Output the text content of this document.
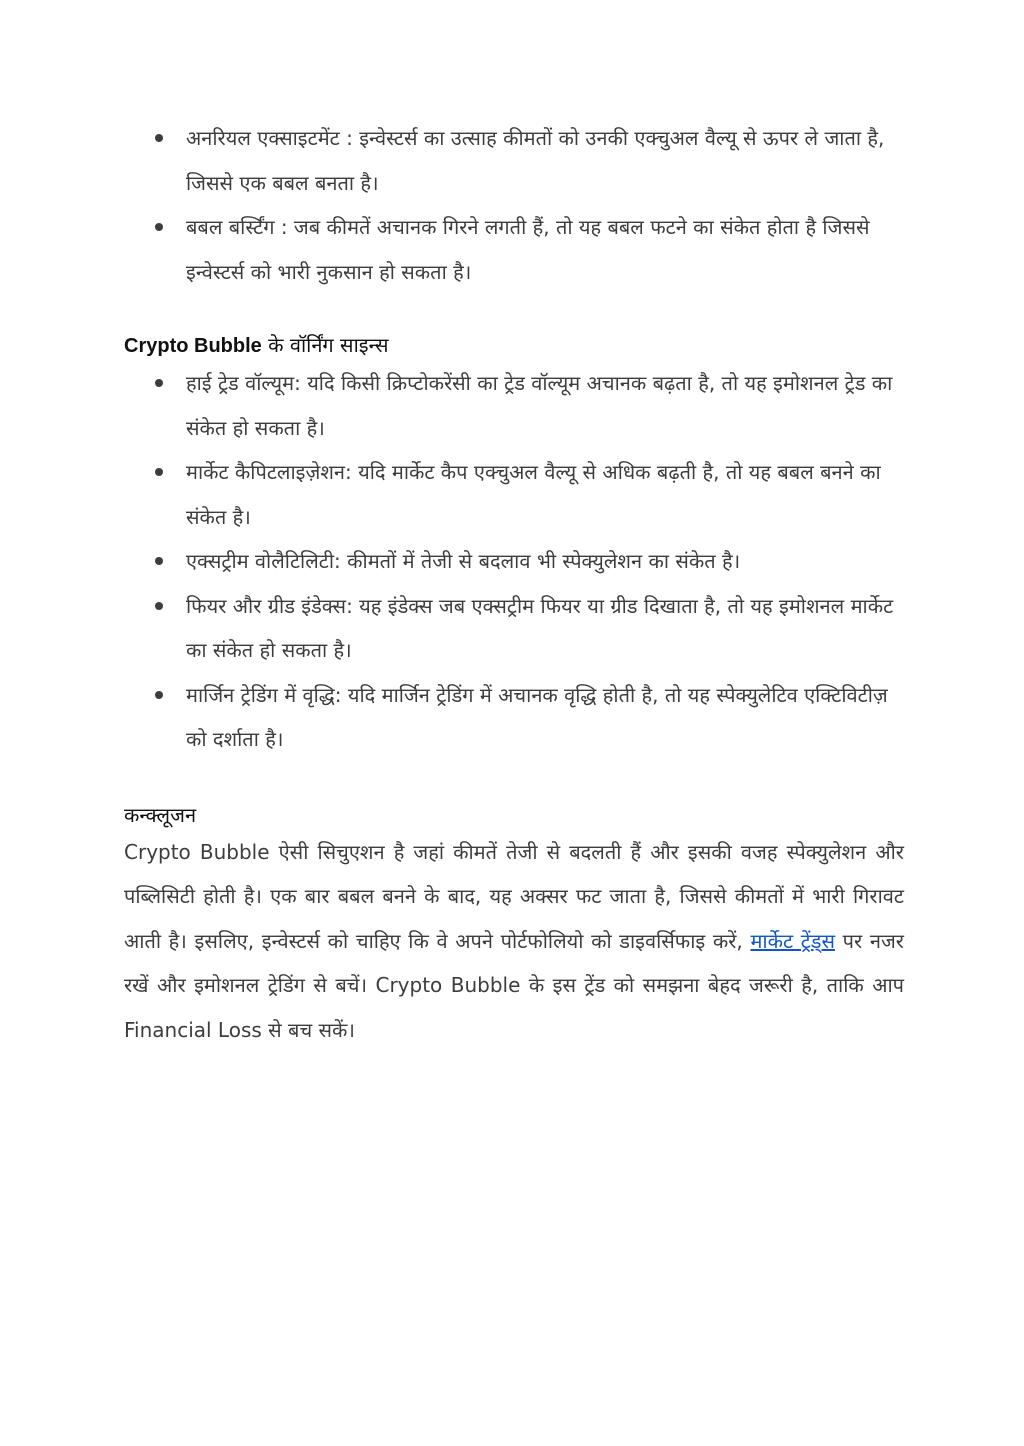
अनरियल एक्साइटमेंट : इन्वेस्टर्स का उत्साह कीमतों को उनकी एक्चुअल वैल्यू से ऊपर ले जाता है, जिससे एक बबल बनता है।
बबल बर्स्टिंग : जब कीमतें अचानक गिरने लगती हैं, तो यह बबल फटने का संकेत होता है जिससे इन्वेस्टर्स को भारी नुकसान हो सकता है।
Crypto Bubble के वॉर्निंग साइन्स
हाई ट्रेड वॉल्यूम: यदि किसी क्रिप्टोकरेंसी का ट्रेड वॉल्यूम अचानक बढ़ता है, तो यह इमोशनल ट्रेड का संकेत हो सकता है।
मार्केट कैपिटलाइज़ेशन: यदि मार्केट कैप एक्चुअल वैल्यू से अधिक बढ़ती है, तो यह बबल बनने का संकेत है।
एक्सट्रीम वोलैटिलिटी: कीमतों में तेजी से बदलाव भी स्पेक्युलेशन का संकेत है।
फियर और ग्रीड इंडेक्स: यह इंडेक्स जब एक्सट्रीम फियर या ग्रीड दिखाता है, तो यह इमोशनल मार्केट का संकेत हो सकता है।
मार्जिन ट्रेडिंग में वृद्धि: यदि मार्जिन ट्रेडिंग में अचानक वृद्धि होती है, तो यह स्पेक्युलेटिव एक्टिविटीज़ को दर्शाता है।
कन्क्लूजन

Crypto Bubble ऐसी सिचुएशन है जहां कीमतें तेजी से बदलती हैं और इसकी वजह स्पेक्युलेशन और पब्लिसिटी होती है। एक बार बबल बनने के बाद, यह अक्सर फट जाता है, जिससे कीमतों में भारी गिरावट आती है। इसलिए, इन्वेस्टर्स को चाहिए कि वे अपने पोर्टफोलियो को डाइवर्सिफाइ करें, मार्केट ट्रेंड्स पर नजर रखें और इमोशनल ट्रेडिंग से बचें। Crypto Bubble के इस ट्रेंड को समझना बेहद जरूरी है, ताकि आप Financial Loss से बच सकें।
